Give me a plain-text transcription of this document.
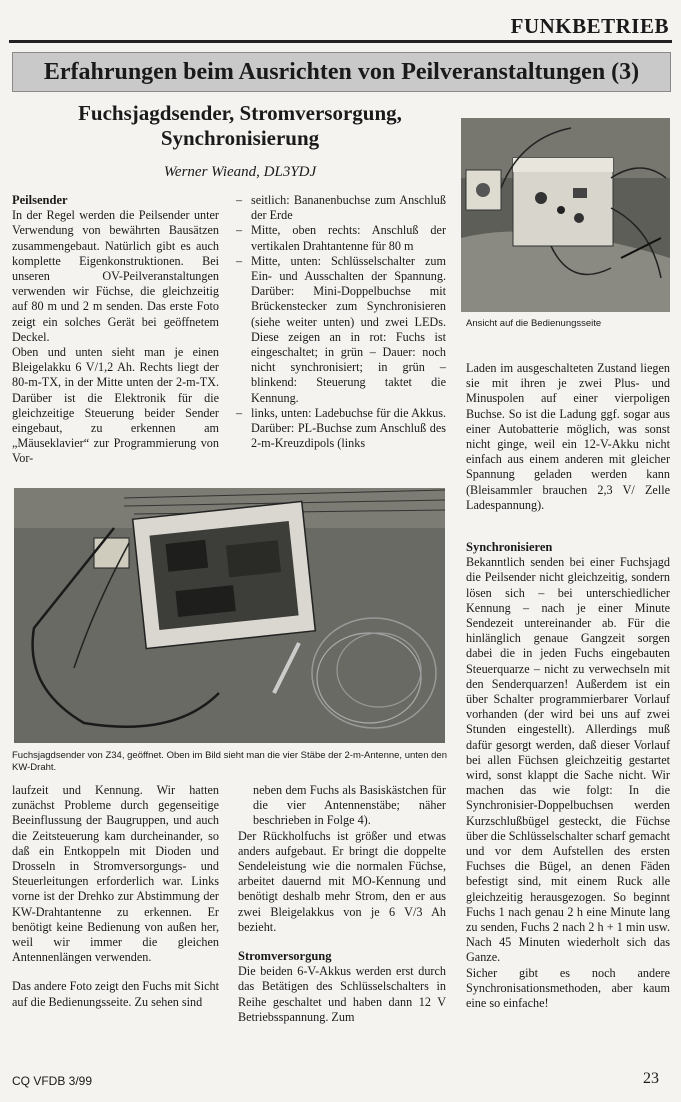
FUNKBETRIEB
Erfahrungen beim Ausrichten von Peilveranstaltungen (3)
Fuchsjagdsender, Stromversorgung,
Synchronisierung
Werner Wieand, DL3YDJ
Peilsender

In der Regel werden die Peilsender unter Verwendung von bewährten Bausätzen zusammengebaut. Natürlich gibt es auch komplette Eigenkonstruktionen. Bei unseren OV-Peilveranstaltungen verwenden wir Füchse, die gleichzeitig auf 80 m und 2 m senden. Das erste Foto zeigt ein solches Gerät bei geöffnetem Deckel.

Oben und unten sieht man je einen Bleigelakku 6 V/1,2 Ah. Rechts liegt der 80-m-TX, in der Mitte unten der 2-m-TX. Darüber ist die Elektronik für die gleichzeitige Steuerung beider Sender eingebaut, zu erkennen am „Mäuseklavier“ zur Programmierung von Vor-

– seitlich: Bananenbuchse zum Anschluß der Erde
– Mitte, oben rechts: Anschluß der vertikalen Drahtantenne für 80 m
– Mitte, unten: Schlüsselschalter zum Ein- und Ausschalten der Spannung. Darüber: Mini-Doppelbuchse mit Brückenstecker zum Synchronisieren (siehe weiter unten) und zwei LEDs. Diese zeigen an in rot: Fuchs ist eingeschaltet; in grün – Dauer: noch nicht synchronisiert; in grün – blinkend: Steuerung taktet die Kennung.
– links, unten: Ladebuchse für die Akkus. Darüber: PL-Buchse zum Anschluß des 2-m-Kreuzdipols (links
Ansicht auf die Bedienungsseite

Laden im ausgeschalteten Zustand liegen sie mit ihren je zwei Plus- und Minuspolen auf einer vierpoligen Buchse. So ist die Ladung ggf. sogar aus einer Autobatterie möglich, was sonst nicht ginge, weil ein 12-V-Akku nicht einfach aus einem anderen mit gleicher Spannung geladen werden kann (Bleisammler brauchen 2,3 V/ Zelle Ladespannung).

Fuchsjagdsender von Z34, geöffnet. Oben im Bild sieht man die vier Stäbe der 2-m-Antenne, unten den KW-Draht.

laufzeit und Kennung. Wir hatten zunächst Probleme durch gegenseitige Beeinflussung der Baugruppen, und auch die Zeitsteuerung kam durcheinander, so daß ein Entkoppeln mit Dioden und Drosseln in Stromversorgungs- und Steuerleitungen erforderlich war. Links vorne ist der Drehko zur Abstimmung der KW-Drahtantenne zu erkennen. Er benötigt keine Bedienung von außen her, weil wir immer die gleichen Antennenlängen verwenden.

Das andere Foto zeigt den Fuchs mit Sicht auf die Bedienungsseite. Zu sehen sind

neben dem Fuchs als Basiskästchen für die vier Antennenstäbe; näher beschrieben in Folge 4).

Der Rückholfuchs ist größer und etwas anders aufgebaut. Er bringt die doppelte Sendeleistung wie die normalen Füchse, arbeitet dauernd mit MO-Kennung und benötigt deshalb mehr Strom, den er aus zwei Bleigelakkus von je 6 V/3 Ah bezieht.

Stromversorgung

Die beiden 6-V-Akkus werden erst durch das Betätigen des Schlüsselschalters in Reihe geschaltet und haben dann 12 V Betriebsspannung. Zum

Synchronisieren

Bekanntlich senden bei einer Fuchsjagd die Peilsender nicht gleichzeitig, sondern lösen sich – bei unterschiedlicher Kennung – nach je einer Minute Sendezeit untereinander ab. Für die hinlänglich genaue Gangzeit sorgen dabei die in jeden Fuchs eingebauten Steuerquarze – nicht zu verwechseln mit den Senderquarzen! Außerdem ist ein über Schalter programmierbarer Vorlauf vorhanden (der wird bei uns auf zwei Stunden eingestellt). Allerdings muß dafür gesorgt werden, daß dieser Vorlauf bei allen Füchsen gleichzeitig gestartet wird, sonst klappt die Sache nicht. Wir machen das wie folgt: In die Synchronisier-Doppelbuchsen werden Kurzschlußbügel gesteckt, die Füchse über die Schlüsselschalter scharf gemacht und vor dem Aufstellen des ersten Fuchses die Bügel, an denen Fäden befestigt sind, mit einem Ruck alle gleichzeitig herausgezogen. So beginnt Fuchs 1 nach genau 2 h eine Minute lang zu senden, Fuchs 2 nach 2 h + 1 min usw. Nach 45 Minuten wiederholt sich das Ganze.

Sicher gibt es noch andere Synchronisationsmethoden, aber kaum eine so einfache!

CQ VFDB 3/99	23
